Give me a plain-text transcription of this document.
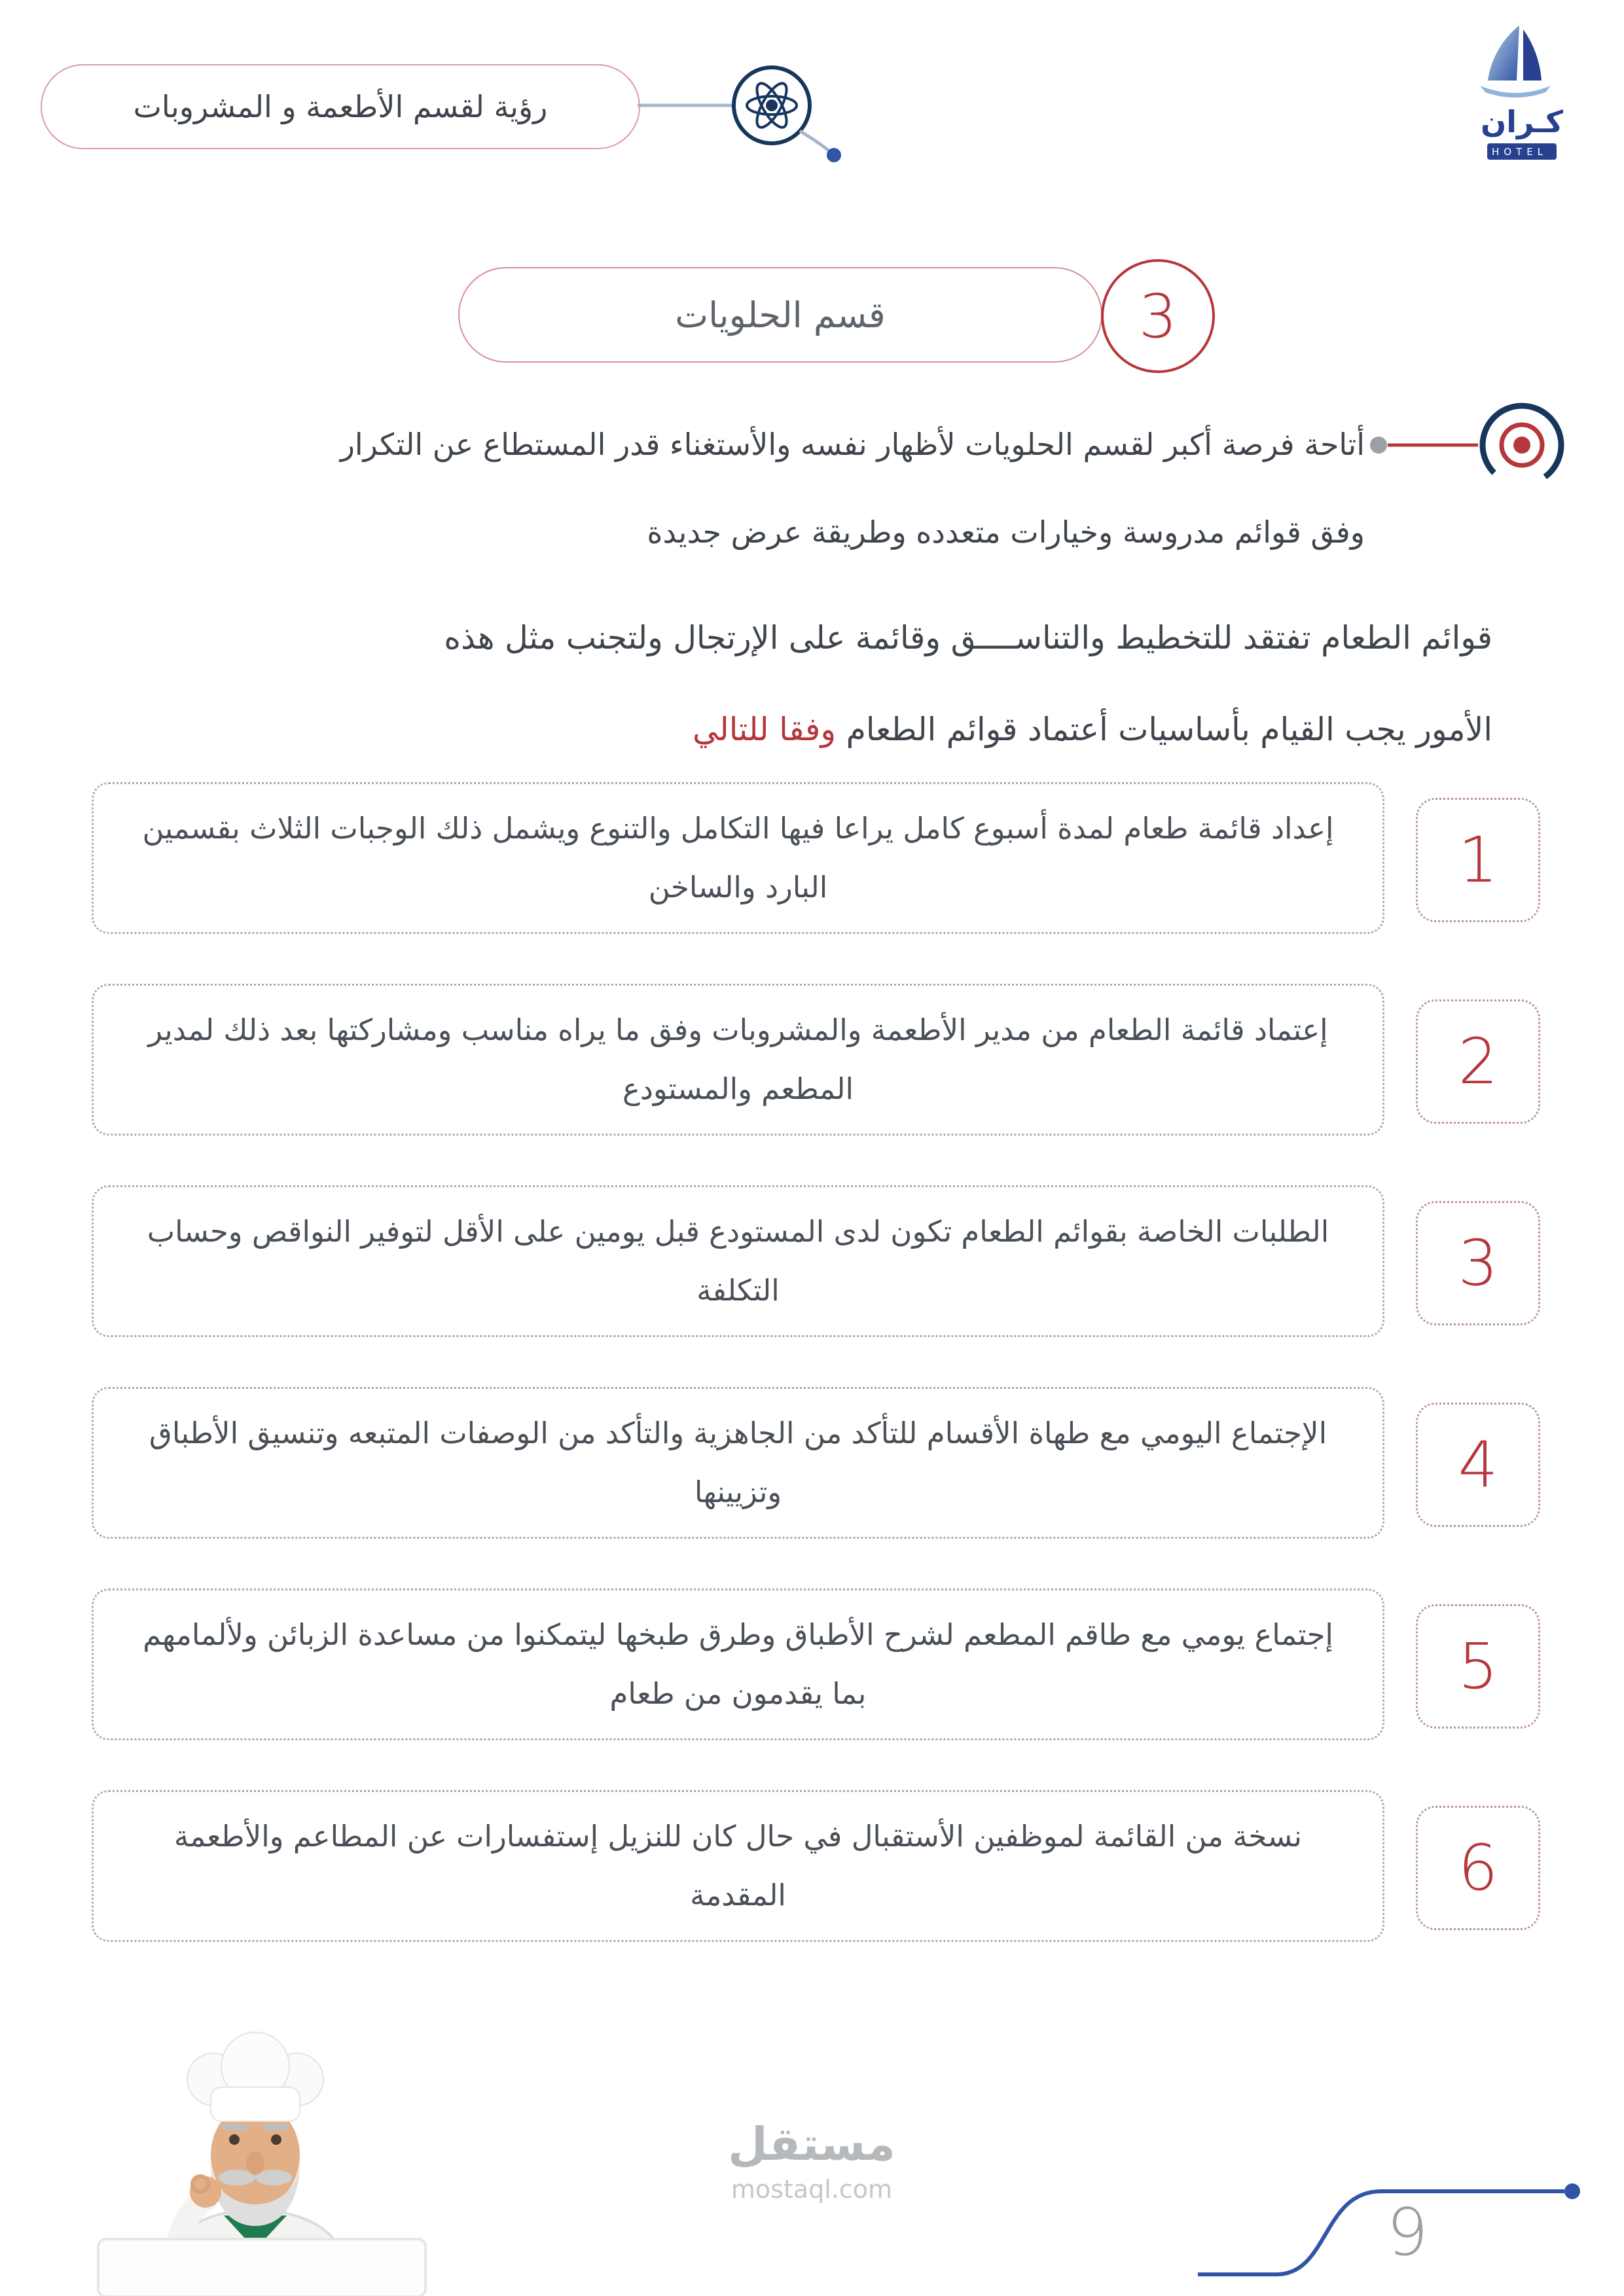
رؤية لقسم الأطعمة و المشروبات	كـران
HOTEL
قسم الحلويات	3
أتاحة فرصة أكبر لقسم الحلويات لأظهار نفسه والأستغناء قدر المستطاع عن التكرار
وفق قوائم مدروسة وخيارات متعدده وطريقة عرض جديدة
قوائم الطعام تفتقد للتخطيط والتناســــق وقائمة على الإرتجال ولتجنب مثل هذه
الأمور يجب القيام بأساسيات أعتماد قوائم الطعام وفقا للتالي
إعداد قائمة طعام لمدة أسبوع كامل يراعا فيها التكامل والتنوع ويشمل ذلك الوجبات الثلاث بقسمين البارد والساخن	1
إعتماد قائمة الطعام من مدير الأطعمة والمشروبات وفق ما يراه مناسب ومشاركتها بعد ذلك لمدير المطعم والمستودع	2
الطلبات الخاصة بقوائم الطعام تكون لدى المستودع قبل يومين على الأقل لتوفير النواقص وحساب التكلفة	3
الإجتماع اليومي مع طهاة الأقسام للتأكد من الجاهزية والتأكد من الوصفات المتبعه وتنسيق الأطباق وتزيينها	4
إجتماع يومي مع طاقم المطعم لشرح الأطباق وطرق طبخها ليتمكنوا من مساعدة الزبائن ولألمامهم بما يقدمون من طعام	5
نسخة من القائمة لموظفين الأستقبال في حال كان للنزيل إستفسارات عن المطاعم والأطعمة المقدمة	6
مستقل
mostaql.com
9
